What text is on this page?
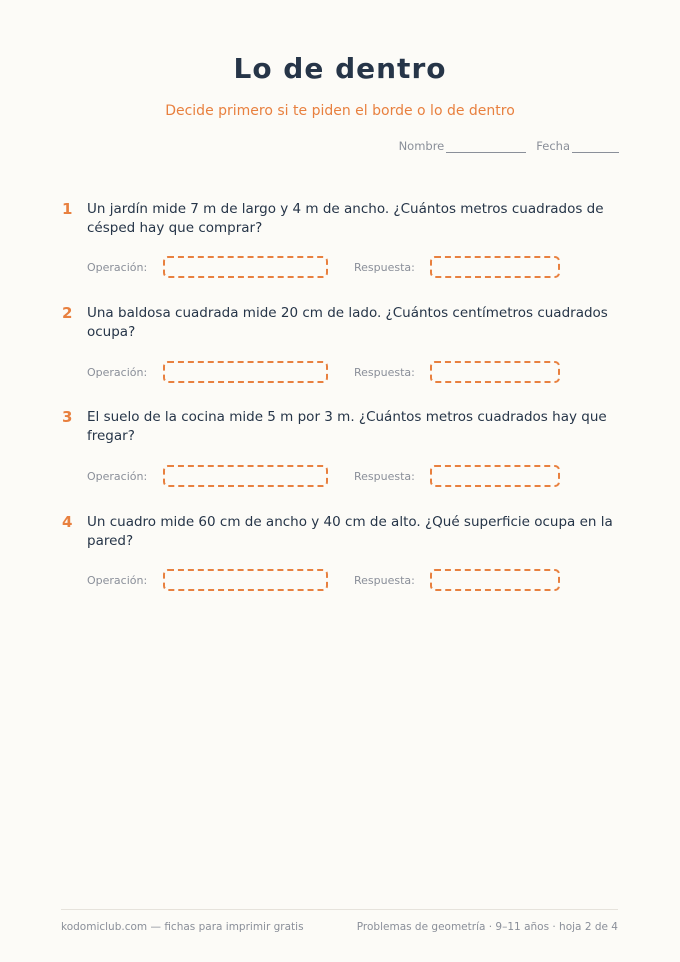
Lo de dentro
Decide primero si te piden el borde o lo de dentro
Nombre	Fecha
1	Un jardín mide 7 m de largo y 4 m de ancho. ¿Cuántos metros cuadrados de césped hay que comprar?
Operación:	Respuesta:
2	Una baldosa cuadrada mide 20 cm de lado. ¿Cuántos centímetros cuadrados ocupa?
Operación:	Respuesta:
3	El suelo de la cocina mide 5 m por 3 m. ¿Cuántos metros cuadrados hay que fregar?
Operación:	Respuesta:
4	Un cuadro mide 60 cm de ancho y 40 cm de alto. ¿Qué superficie ocupa en la pared?
Operación:	Respuesta:
kodomiclub.com — fichas para imprimir gratis	Problemas de geometría · 9–11 años · hoja 2 de 4
